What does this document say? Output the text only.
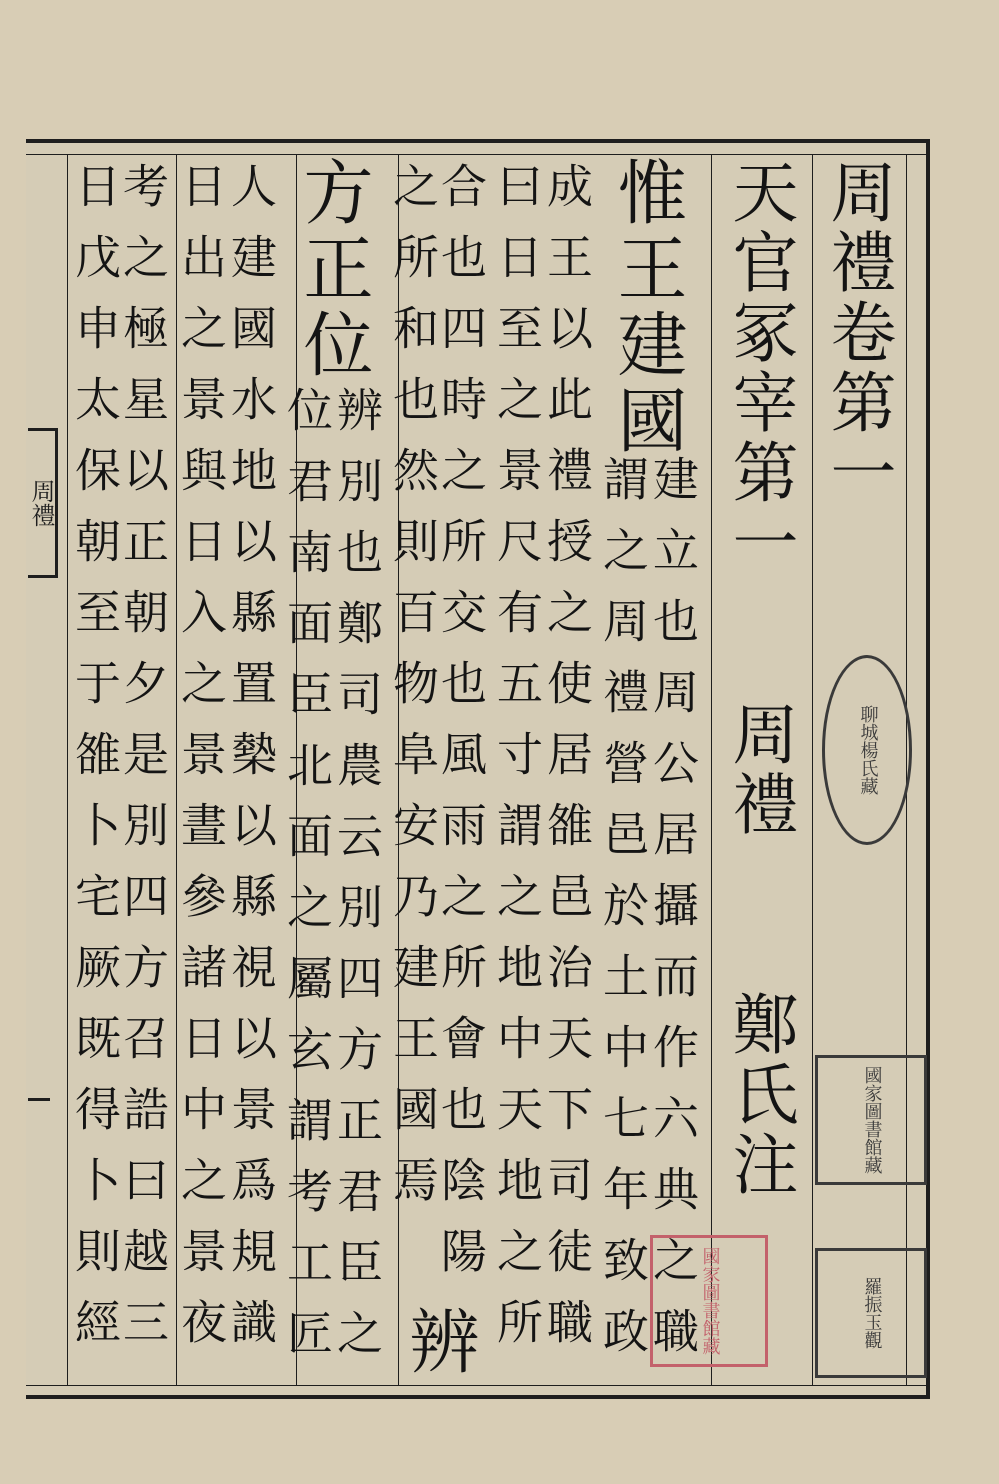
周禮卷第一
天官冢宰第一
周禮
鄭氏注
惟王建國
建立也周公居攝而作六典之職
謂之周禮營邑於土中七年致政
成王以此禮授之使居雒邑治天下司徒職
曰日至之景尺有五寸謂之地中天地之所
合也四時之所交也風雨之所會也陰陽
辨
之所和也然則百物阜安乃建王國焉
方正位
辨別也鄭司農云別四方正君臣之
位君南面臣北面之屬玄謂考工匠
人建國水地以縣置槷以縣視以景爲規識
日出之景與日入之景晝參諸日中之景夜
考之極星以正朝夕是別四方召誥曰越三
日戊申太保朝至于雒卜宅厥既得卜則經
周禮
聊城楊氏藏
國家圖書館藏
國家圖書館藏	羅振玉觀
